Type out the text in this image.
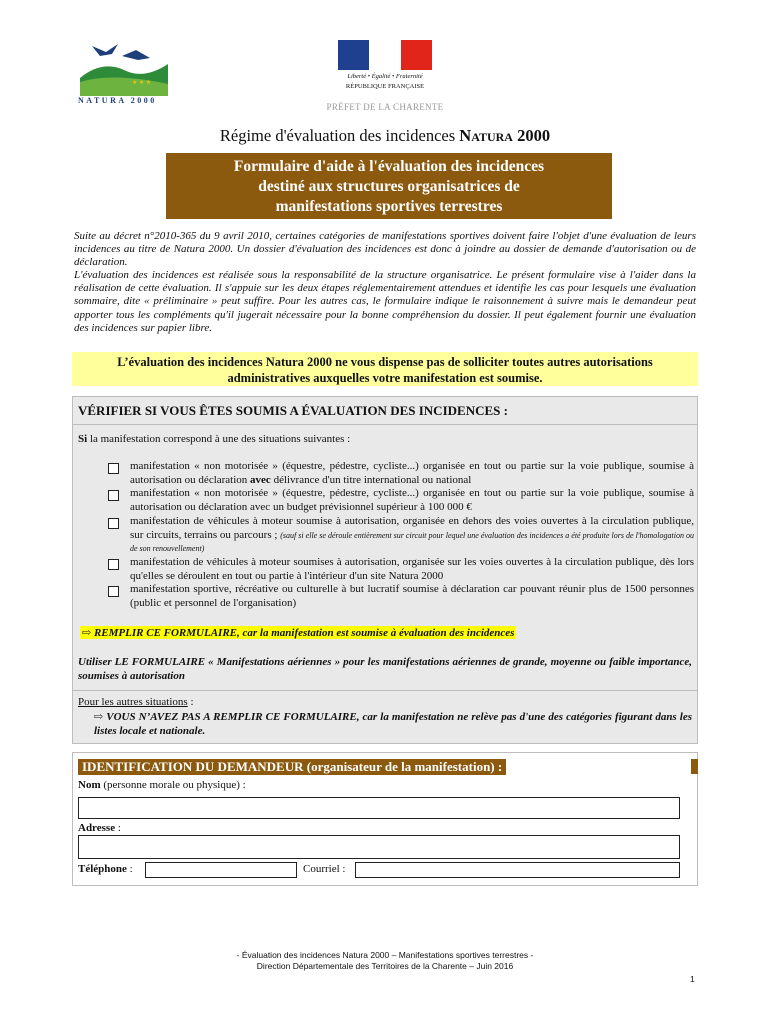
★ ★ ★
NATURA 2000
Liberté • Égalité • Fraternité
RÉPUBLIQUE FRANÇAISE
PRÉFET DE LA CHARENTE
Régime d'évaluation des incidences Natura 2000
Formulaire d'aide à l'évaluation des incidences
destiné aux structures organisatrices de
manifestations sportives terrestres

Suite au décret n°2010-365 du 9 avril 2010, certaines catégories de manifestations sportives doivent faire l'objet d'une évaluation de leurs incidences au titre de Natura 2000. Un dossier d'évaluation des incidences est donc à joindre au dossier de demande d'autorisation ou de déclaration.

L'évaluation des incidences est réalisée sous la responsabilité de la structure organisatrice. Le présent formulaire vise à l'aider dans la réalisation de cette évaluation. Il s'appuie sur les deux étapes réglementairement attendues et identifie les cas pour lesquels une évaluation sommaire, dite « préliminaire » peut suffire. Pour les autres cas, le formulaire indique le raisonnement à suivre mais le demandeur peut apporter tous les compléments qu'il jugerait nécessaire pour la bonne compréhension du dossier. Il peut également fournir une évaluation des incidences sur papier libre.

L’évaluation des incidences Natura 2000 ne vous dispense pas de solliciter toutes autres autorisations
administratives auxquelles votre manifestation est soumise.
VÉRIFIER SI VOUS ÊTES SOUMIS A ÉVALUATION DES INCIDENCES :
Si la manifestation correspond à une des situations suivantes :
manifestation « non motorisée » (équestre, pédestre, cycliste...) organisée en tout ou partie sur la voie publique, soumise à autorisation ou déclaration avec délivrance d'un titre international ou national
manifestation « non motorisée » (équestre, pédestre, cycliste...) organisée en tout ou partie sur la voie publique, soumise à autorisation ou déclaration avec un budget prévisionnel supérieur à 100 000 €
manifestation de véhicules à moteur soumise à autorisation, organisée en dehors des voies ouvertes à la circulation publique, sur circuits, terrains ou parcours ; (sauf si elle se déroule entièrement sur circuit pour lequel une évaluation des incidences a été produite lors de l'homologation ou de son renouvellement)
manifestation de véhicules à moteur soumises à autorisation, organisée sur les voies ouvertes à la circulation publique, dès lors qu'elles se déroulent en tout ou partie à l'intérieur d'un site Natura 2000
manifestation sportive, récréative ou culturelle à but lucratif soumise à déclaration car pouvant réunir plus de 1500 personnes (public et personnel de l'organisation)
⇨ REMPLIR CE FORMULAIRE, car la manifestation est soumise à évaluation des incidences
Utiliser LE FORMULAIRE « Manifestations aériennes » pour les manifestations aériennes de grande, moyenne ou faible importance, soumises à autorisation
Pour les autres situations :
⇨ VOUS N’AVEZ PAS A REMPLIR CE FORMULAIRE, car la manifestation ne relève pas d'une des catégories figurant dans les listes locale et nationale.
IDENTIFICATION DU DEMANDEUR (organisateur de la manifestation) :
Nom (personne morale ou physique) :
Adresse :
Téléphone :	Courriel :
- Évaluation des incidences Natura 2000 – Manifestations sportives terrestres -
Direction Départementale des Territoires de la Charente – Juin 2016
1
